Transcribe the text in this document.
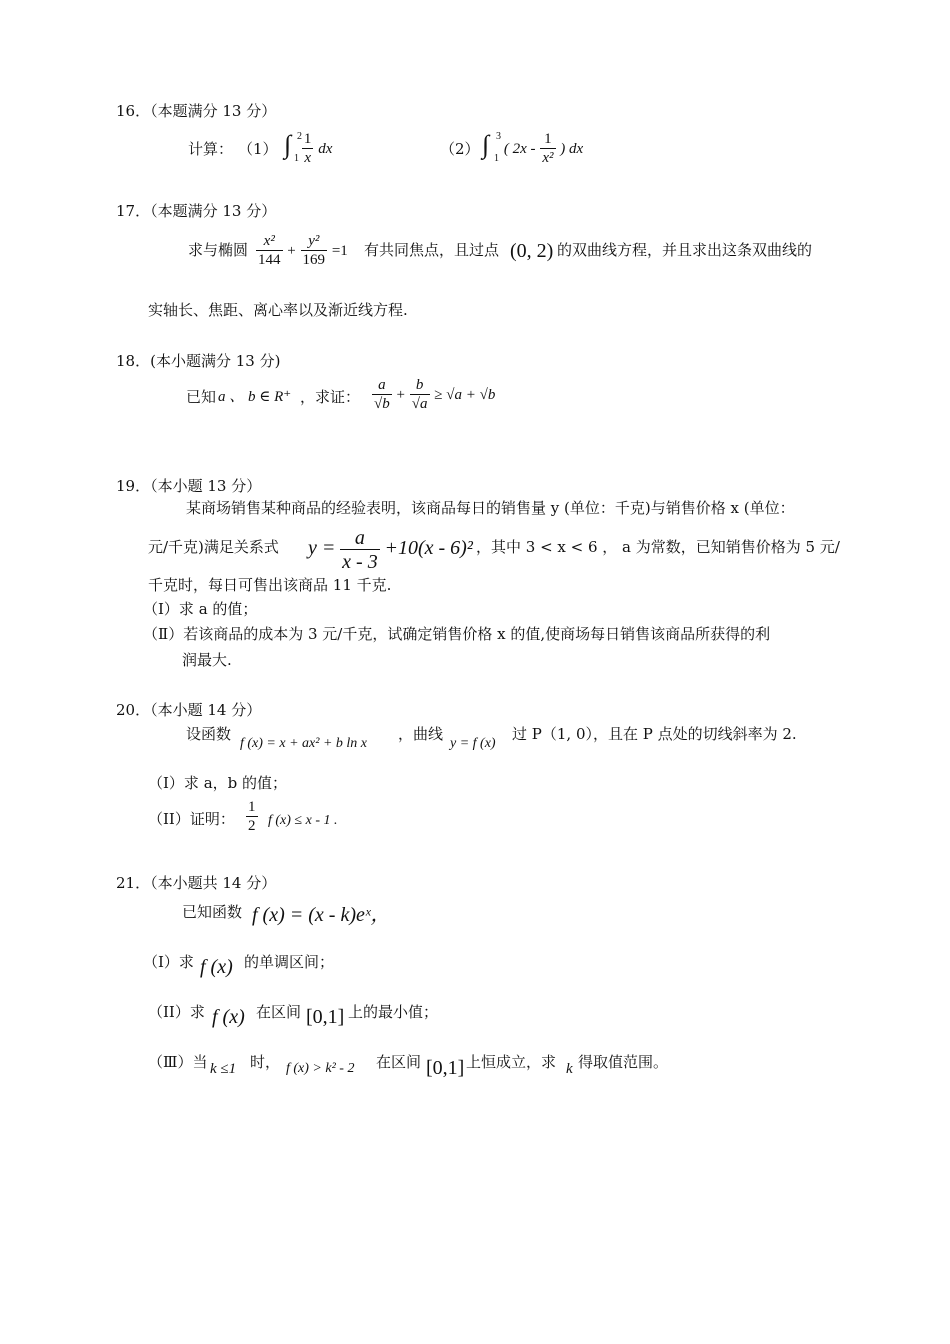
16．（本题满分 13 分）
计算： （1） ∫ 2
$1 \frac{1}{x}$ dx	（2） ∫ 3
1
( $2x - \frac{1}{\text{x²}}$ ) dx
17．（本题满分 13 分）
求与椭圆 $\frac{\text{x²}}{144} + \frac{\text{y²}}{169} =1$ 有共同焦点，且过点 (0, 2) 的双曲线方程，并且求出这条双曲线的
实轴长、焦距、离心率以及渐近线方程.
18．(本小题满分 13 分)
已知 a 、 b ∈ R⁺ ，求证： $\frac{a}{√b} + \frac{b}{√a} \ge √a + √b$
19．（本小题 13 分）
某商场销售某种商品的经验表明，该商品每日的销售量 y (单位：千克)与销售价格 x (单位：
元/千克)满足关系式 $y = \frac{a}{x - 3} +10(x - 6)^2$ ，其中 3 < x < 6 ， a 为常数，已知销售价格为 5 元/
千克时，每日可售出该商品 11 千克.
（Ⅰ）求 a 的值；
（Ⅱ）若该商品的成本为 3 元/千克，试确定销售价格 x 的值,使商场每日销售该商品所获得的利
润最大.
20．（本小题 14 分）
设函数
f (x) = x + ax² + b ln x
，曲线
y = f (x)
过 P（1, 0），且在 P 点处的切线斜率为 2.
（I）求 a，b 的值；
（II）证明： $\frac{1}{2}$ f (x) ≤ x - 1 .
21．（本小题共 14 分）
已知函数 f (x) = (x - k)eˣ，
（I）求 f (x) 的单调区间；
（II）求 f (x) 在区间 [0,1] 上的最小值；
（Ⅲ）当 k ≤1 时， f (x) > k² - 2 在区间 [0,1] 上恒成立，求 k 得取值范围。
